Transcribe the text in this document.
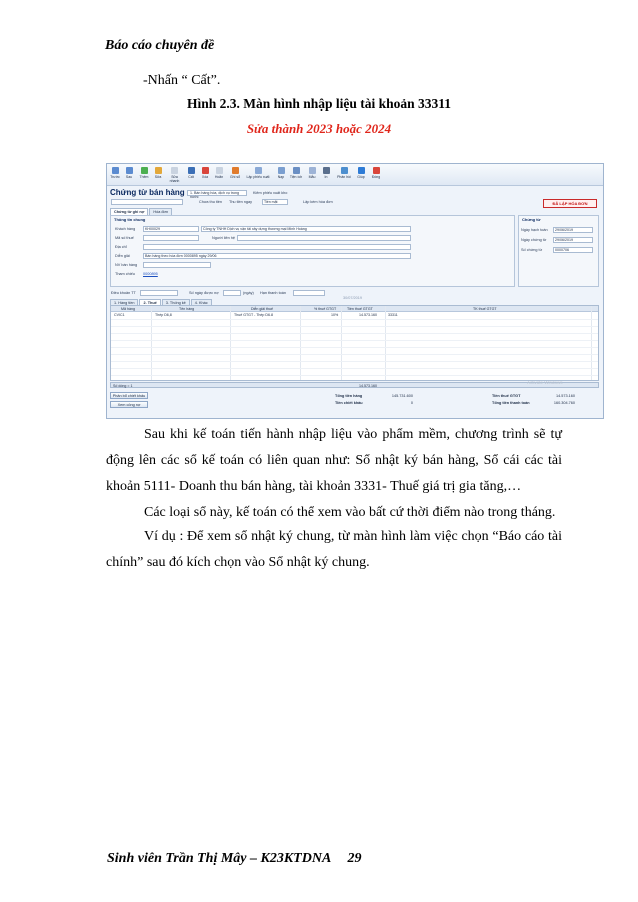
Báo cáo chuyên đề
-Nhấn “ Cất”.
Hình 2.3. Màn hình nhập liệu tài khoản 33311
Sửa thành 2023 hoặc 2024
Trước	Sau	Thêm	Sửa	Sửa nhanh
Cất	Xóa	Hoãn	Ghi sổ	Lập phiếu xuất	Nạp	Tiện ích	Mẫu	In	Phản hồi	Giúp	Đóng
Chứng từ bán hàng	1. Bán hàng hóa, dịch vụ trong nước
Kiêm phiếu xuất kho
Chưa thu tiền Thu tiền ngay	Tiền mặt	Lập kèm hóa đơn	ĐÃ LẬP HÓA ĐƠN
Chứng từ ghi nợ Hóa đơn
Thông tin chung
Khách hàng	KH00029	Công ty TNHH Dịch vụ vận tải xây dựng thương mại Minh Hoàng
Mã số thuế	Người liên hệ
Địa chỉ
Diễn giải	Bán hàng theo hóa đơn 0000895 ngày 29/06
NV bán hàng
Tham chiếu 0000895
Chứng từ
Ngày hạch toán	29/06/2019
Ngày chứng từ	29/06/2019
Số chứng từ	0000706
Điều khoản TT	Số ngày được nợ	(ngày) Hạn thanh toán
30/07/2019
1. Hàng tiền 2. Thuế 3. Thống kê 4. Khác
Mã hàng	Tên hàng	Diễn giải thuế	% thuế GTGT	Tiền thuế GTGT	TK thuế GTGT
CVIC1	Thép D6,8	Thuế GTGT - Thép D6.8	10%	14.573.160	33311
Số dòng = 1	14.573.160
Phân bổ chiết khấu
Xem công nợ
Tổng tiền hàng	145.731.600
Tiền chiết khấu	0
Tiền thuế GTGT	14.573.160
Tổng tiền thanh toán	160.304.760
Activate Windows
Sau khi kế toán tiến hành nhập liệu vào phẩm mềm, chương trình sẽ tự động lên các sổ kế toán có liên quan như: Sổ nhật ký bán hàng, Sổ cái các tài khoản 5111- Doanh thu bán hàng, tài khoản 3331- Thuế giá trị gia tăng,…
Các loại sổ này, kế toán có thể xem vào bất cứ thời điểm nào trong tháng.
Ví dụ : Để xem sổ nhật ký chung, từ màn hình làm việc chọn “Báo cáo tài chính” sau đó kích chọn vào Sổ nhật ký chung.
Sinh viên Trần Thị Mây – K23KTDNA 29
